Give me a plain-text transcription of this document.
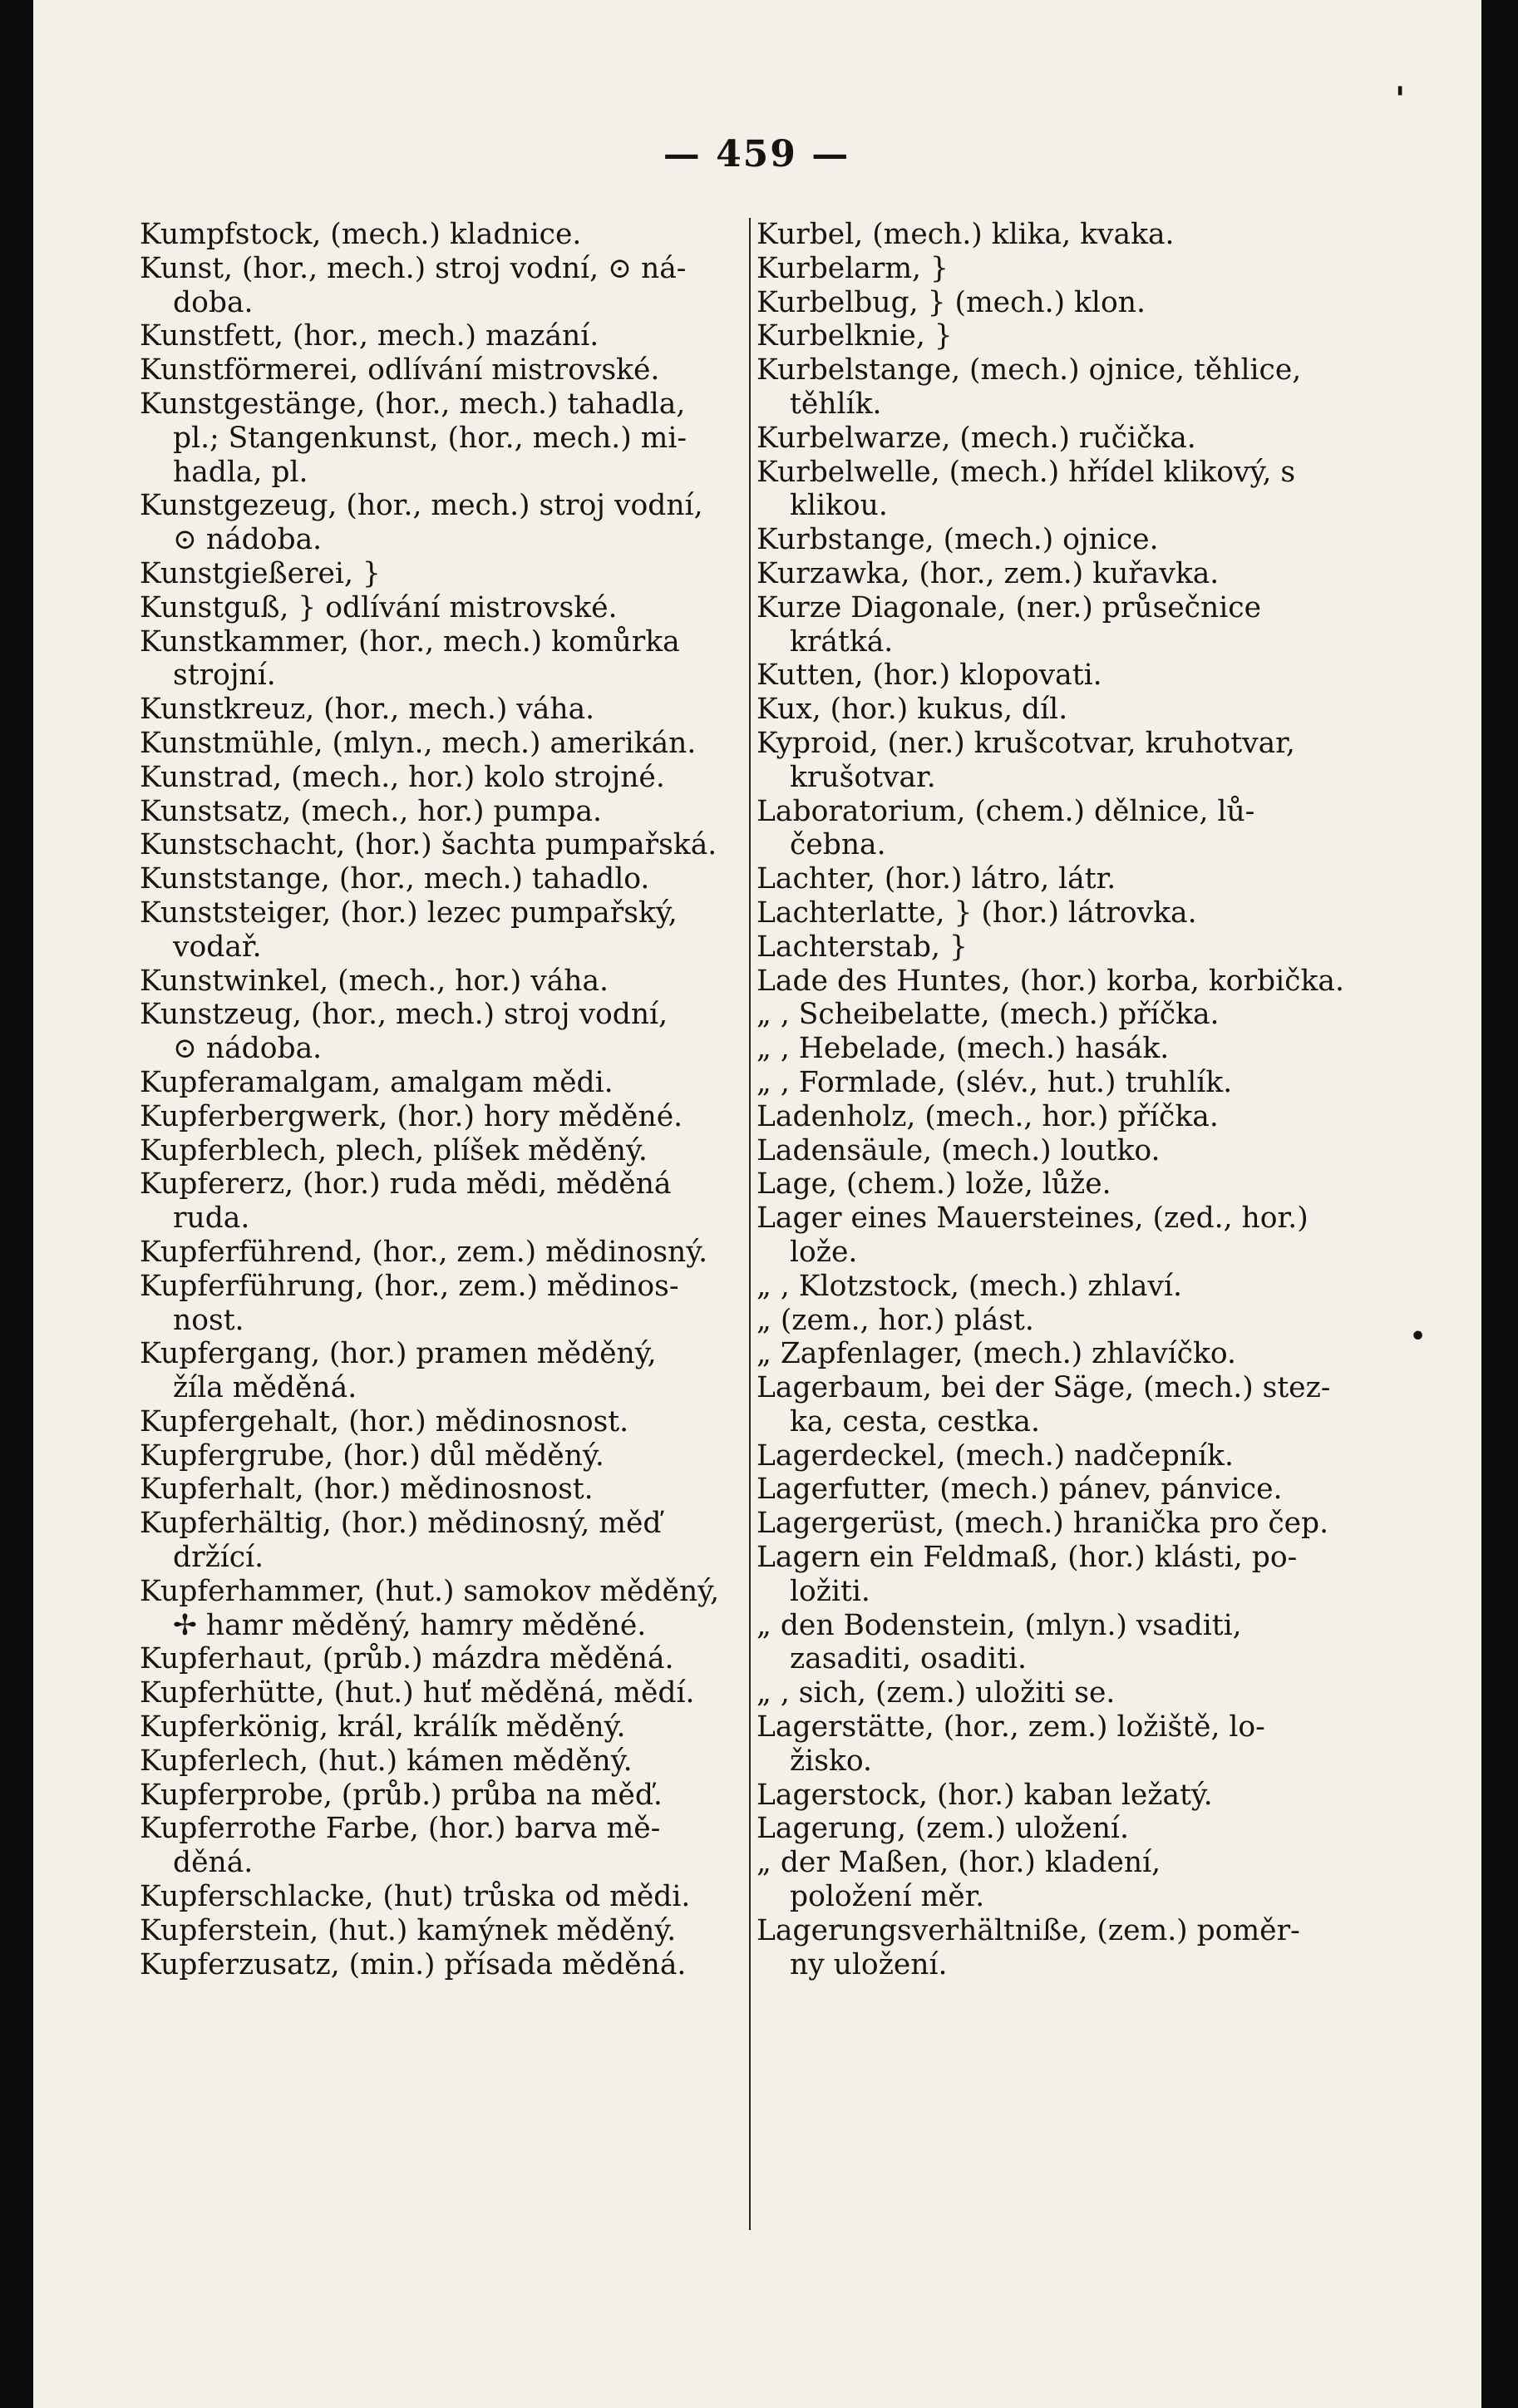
— 459 —
Kumpfstock, (mech.) kladnice.
Kunst, (hor., mech.) stroj vodní, ⊙ ná-
doba.
Kunstfett, (hor., mech.) mazání.
Kunstförmerei, odlívání mistrovské.
Kunstgestänge, (hor., mech.) tahadla,
pl.; Stangenkunst, (hor., mech.) mi-
hadla, pl.
Kunstgezeug, (hor., mech.) stroj vodní,
⊙ nádoba.
Kunstgießerei, }
Kunstguß, } odlívání mistrovské.
Kunstkammer, (hor., mech.) komůrka
strojní.
Kunstkreuz, (hor., mech.) váha.
Kunstmühle, (mlyn., mech.) amerikán.
Kunstrad, (mech., hor.) kolo strojné.
Kunstsatz, (mech., hor.) pumpa.
Kunstschacht, (hor.) šachta pumpařská.
Kunststange, (hor., mech.) tahadlo.
Kunststeiger, (hor.) lezec pumpařský,
vodař.
Kunstwinkel, (mech., hor.) váha.
Kunstzeug, (hor., mech.) stroj vodní,
⊙ nádoba.
Kupferamalgam, amalgam mědi.
Kupferbergwerk, (hor.) hory měděné.
Kupferblech, plech, plíšek měděný.
Kupfererz, (hor.) ruda mědi, měděná
ruda.
Kupferführend, (hor., zem.) mědinosný.
Kupferführung, (hor., zem.) mědinos-
nost.
Kupfergang, (hor.) pramen měděný,
žíla měděná.
Kupfergehalt, (hor.) mědinosnost.
Kupfergrube, (hor.) důl měděný.
Kupferhalt, (hor.) mědinosnost.
Kupferhältig, (hor.) mědinosný, měď
držící.
Kupferhammer, (hut.) samokov měděný,
✢ hamr měděný, hamry měděné.
Kupferhaut, (průb.) mázdra měděná.
Kupferhütte, (hut.) huť měděná, mědí.
Kupferkönig, král, králík měděný.
Kupferlech, (hut.) kámen měděný.
Kupferprobe, (průb.) průba na měď.
Kupferrothe Farbe, (hor.) barva mě-
děná.
Kupferschlacke, (hut) trůska od mědi.
Kupferstein, (hut.) kamýnek měděný.
Kupferzusatz, (min.) přísada měděná.
Kurbel, (mech.) klika, kvaka.
Kurbelarm, }
Kurbelbug, } (mech.) klon.
Kurbelknie, }
Kurbelstange, (mech.) ojnice, těhlice,
těhlík.
Kurbelwarze, (mech.) ručička.
Kurbelwelle, (mech.) hřídel klikový, s
klikou.
Kurbstange, (mech.) ojnice.
Kurzawka, (hor., zem.) kuřavka.
Kurze Diagonale, (ner.) průsečnice
krátká.
Kutten, (hor.) klopovati.
Kux, (hor.) kukus, díl.
Kyproid, (ner.) krušcotvar, kruhotvar,
krušotvar.
Laboratorium, (chem.) dělnice, lů-
čebna.
Lachter, (hor.) látro, látr.
Lachterlatte, } (hor.) látrovka.
Lachterstab, }
Lade des Huntes, (hor.) korba, korbička.
„ , Scheibelatte, (mech.) příčka.
„ , Hebelade, (mech.) hasák.
„ , Formlade, (slév., hut.) truhlík.
Ladenholz, (mech., hor.) příčka.
Ladensäule, (mech.) loutko.
Lage, (chem.) lože, lůže.
Lager eines Mauersteines, (zed., hor.)
lože.
„ , Klotzstock, (mech.) zhlaví.
„ (zem., hor.) plást.
„ Zapfenlager, (mech.) zhlavíčko.
Lagerbaum, bei der Säge, (mech.) stez-
ka, cesta, cestka.
Lagerdeckel, (mech.) nadčepník.
Lagerfutter, (mech.) pánev, pánvice.
Lagergerüst, (mech.) hranička pro čep.
Lagern ein Feldmaß, (hor.) klásti, po-
ložiti.
„ den Bodenstein, (mlyn.) vsaditi,
zasaditi, osaditi.
„ , sich, (zem.) uložiti se.
Lagerstätte, (hor., zem.) ložiště, lo-
žisko.
Lagerstock, (hor.) kaban ležatý.
Lagerung, (zem.) uložení.
„ der Maßen, (hor.) kladení,
položení měr.
Lagerungsverhältniße, (zem.) poměr-
ny uložení.
'
•
